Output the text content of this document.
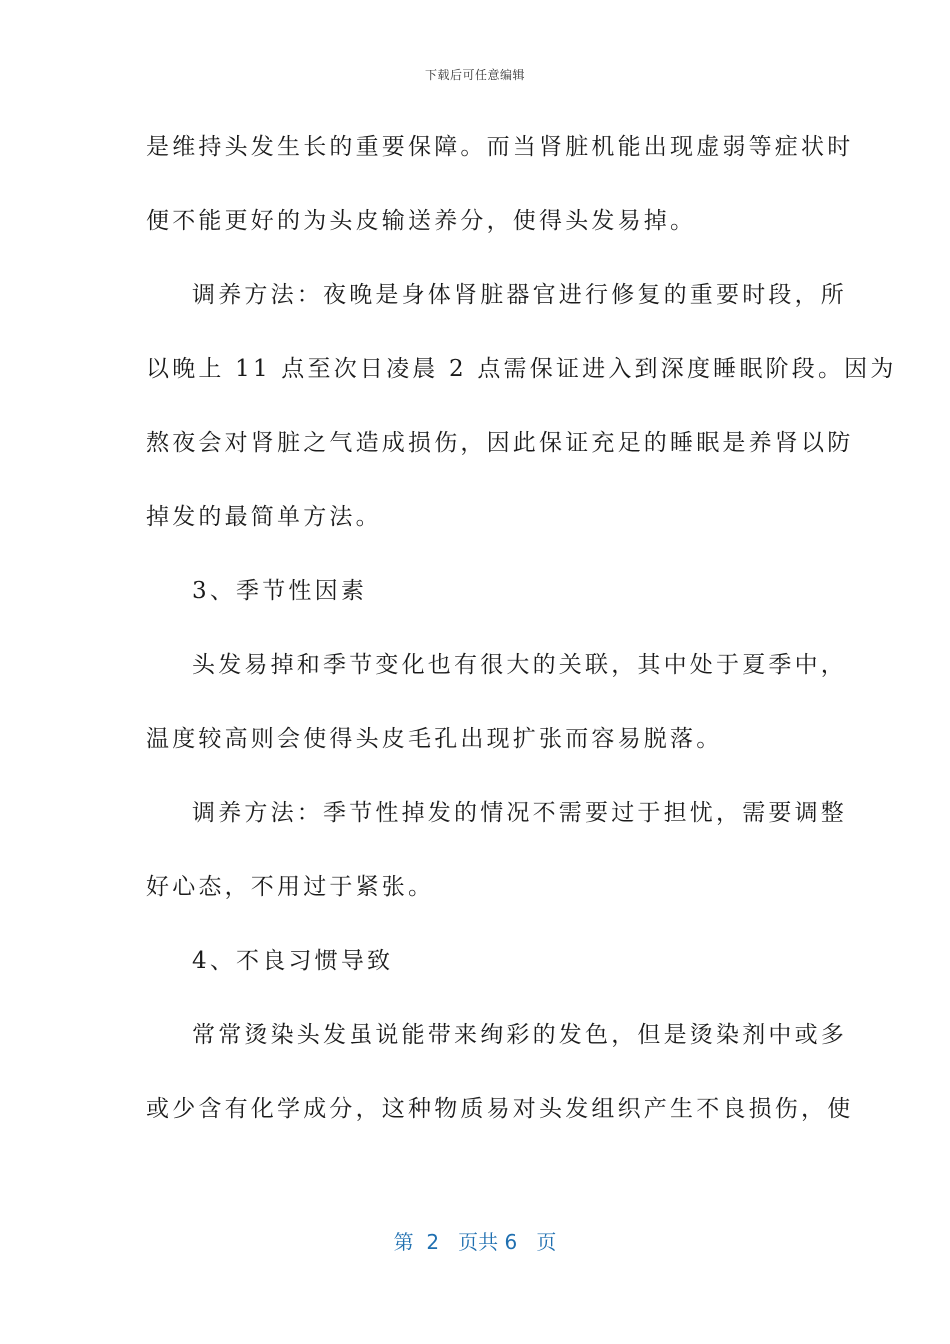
下载后可任意编辑
是维持头发生长的重要保障。而当肾脏机能出现虚弱等症状时
便不能更好的为头皮输送养分，使得头发易掉。
调养方法：夜晚是身体肾脏器官进行修复的重要时段，所
以晚上 11 点至次日凌晨 2 点需保证进入到深度睡眠阶段。因为
熬夜会对肾脏之气造成损伤，因此保证充足的睡眠是养肾以防
掉发的最简单方法。
3、季节性因素
头发易掉和季节变化也有很大的关联，其中处于夏季中，
温度较高则会使得头皮毛孔出现扩张而容易脱落。
调养方法：季节性掉发的情况不需要过于担忧，需要调整
好心态，不用过于紧张。
4、不良习惯导致
常常烫染头发虽说能带来绚彩的发色，但是烫染剂中或多
或少含有化学成分，这种物质易对头发组织产生不良损伤，使
第  2   页共 6   页
